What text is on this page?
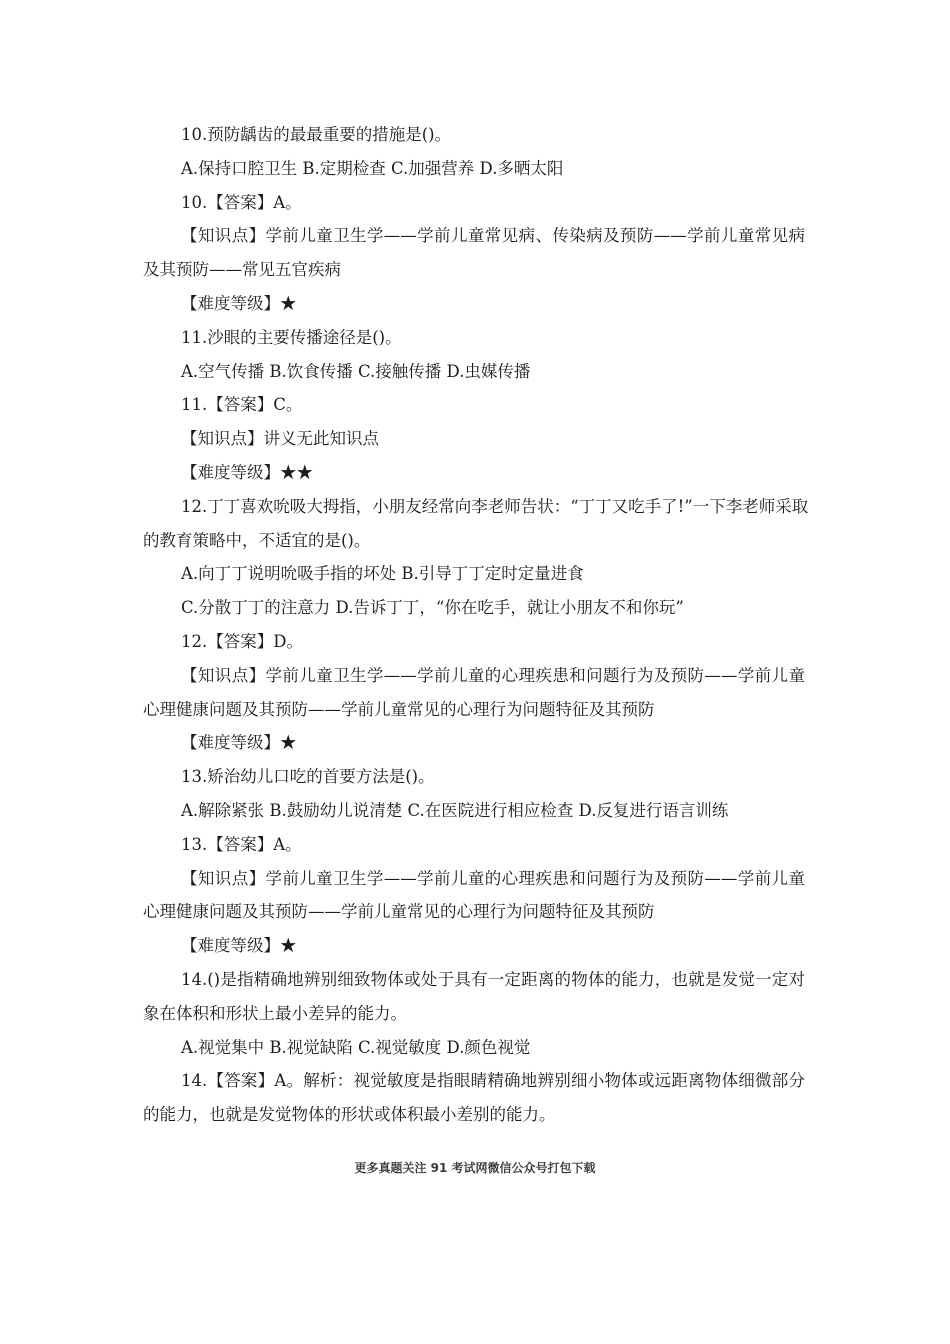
10.预防龋齿的最最重要的措施是()。
A.保持口腔卫生 B.定期检查 C.加强营养 D.多晒太阳
10.【答案】A。
【知识点】学前儿童卫生学——学前儿童常见病、传染病及预防——学前儿童常见病
及其预防——常见五官疾病
【难度等级】★
11.沙眼的主要传播途径是()。
A.空气传播 B.饮食传播 C.接触传播 D.虫媒传播
11.【答案】C。
【知识点】讲义无此知识点
【难度等级】★★
12.丁丁喜欢吮吸大拇指，小朋友经常向李老师告状：“丁丁又吃手了!”一下李老师采取
的教育策略中，不适宜的是()。
A.向丁丁说明吮吸手指的坏处 B.引导丁丁定时定量进食
C.分散丁丁的注意力 D.告诉丁丁，“你在吃手，就让小朋友不和你玩”
12.【答案】D。
【知识点】学前儿童卫生学——学前儿童的心理疾患和问题行为及预防——学前儿童
心理健康问题及其预防——学前儿童常见的心理行为问题特征及其预防
【难度等级】★
13.矫治幼儿口吃的首要方法是()。
A.解除紧张 B.鼓励幼儿说清楚 C.在医院进行相应检查 D.反复进行语言训练
13.【答案】A。
【知识点】学前儿童卫生学——学前儿童的心理疾患和问题行为及预防——学前儿童
心理健康问题及其预防——学前儿童常见的心理行为问题特征及其预防
【难度等级】★
14.()是指精确地辨别细致物体或处于具有一定距离的物体的能力，也就是发觉一定对
象在体积和形状上最小差异的能力。
A.视觉集中 B.视觉缺陷 C.视觉敏度 D.颜色视觉
14.【答案】A。解析：视觉敏度是指眼睛精确地辨别细小物体或远距离物体细微部分
的能力，也就是发觉物体的形状或体积最小差别的能力。
更多真题关注 91 考试网微信公众号打包下载
